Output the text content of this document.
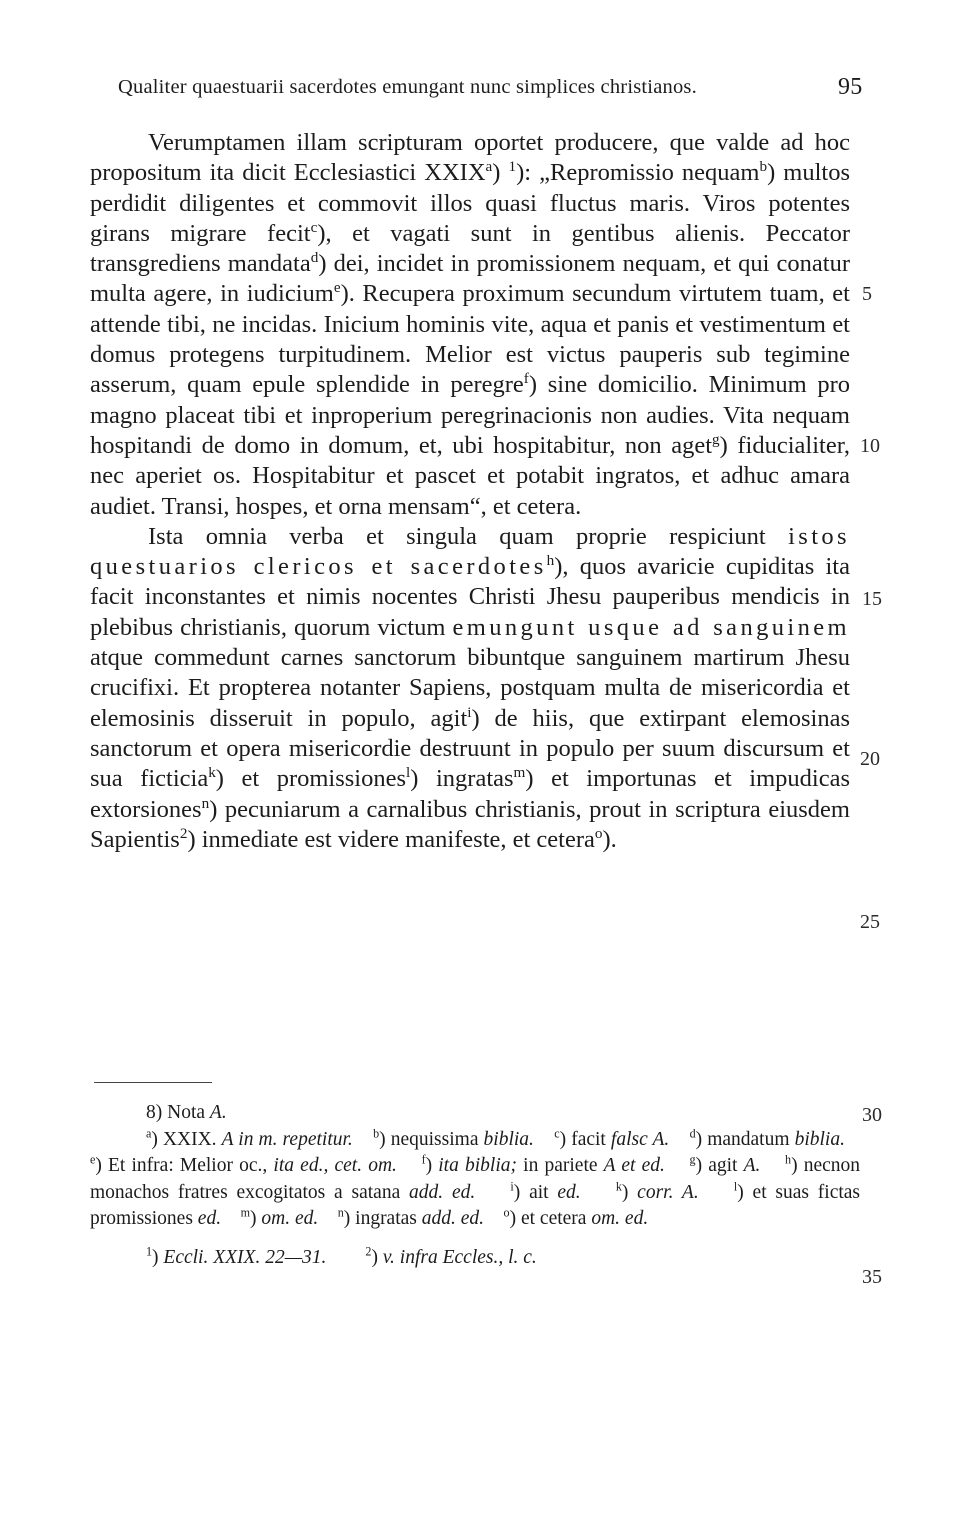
Qualiter quaestuarii sacerdotes emungant nunc simplices christianos.	95

Verumptamen illam scripturam oportet producere, que valde ad hoc propositum ita dicit Ecclesiastici XXIX$^a$) $^1$): „Repromissio nequam$^b$) multos perdidit diligentes et commovit illos quasi fluctus maris. Viros potentes girans migrare fecit$^c$), et vagati sunt in gentibus alienis. Peccator transgrediens mandata$^d$) dei, incidet in promissionem nequam, et qui conatur multa agere, in iudicium$^e$). Recupera proximum secundum virtutem tuam, et attende tibi, ne incidas. Inicium hominis vite, aqua et panis et vestimentum et domus protegens turpitudinem. Melior est victus pauperis sub tegimine asserum, quam epule splendide in peregre$^f$) sine domicilio. Minimum pro magno placeat tibi et inproperium peregrinacionis non audies. Vita nequam hospitandi de domo in domum, et, ubi hospitabitur, non aget$^g$) fiducialiter, nec aperiet os. Hospitabitur et pascet et potabit ingratos, et adhuc amara audiet. Transi, hospes, et orna mensam“, et cetera.

Ista omnia verba et singula quam proprie respiciunt istos questuarios clericos et sacerdotes$^h$), quos avaricie cupiditas ita facit inconstantes et nimis nocentes Christi Jhesu pauperibus mendicis in plebibus christianis, quorum victum emungunt usque ad sanguinem atque commedunt carnes sanctorum bibuntque sanguinem martirum Jhesu crucifixi. Et propterea notanter Sapiens, postquam multa de misericordia et elemosinis disseruit in populo, agit$^i$) de hiis, que extirpant elemosinas sanctorum et opera misericordie destruunt in populo per suum discursum et sua ficticia$^k$) et promissiones$^l$) ingratas$^m$) et importunas et impudicas extorsiones$^n$) pecuniarum a carnalibus christianis, prout in scriptura eiusdem Sapientis$^2$) inmediate est videre manifeste, et cetera$^o$).

5
10
15
20
25
30
35

8) Nota A.

$^a$) XXIX. A in m. repetitur. $^b$) nequissima biblia. $^c$) facit falsc A. $^d$) mandatum biblia.    $^e$) Et infra: Melior oc., ita ed., cet. om. $^f$) ita biblia; in pariete A et ed. $^g$) agit A. $^h$) necnon monachos fratres excogitatos a satana add. ed.	$^i$) ait ed.	$^k$) corr. A.	$^l$) et suas fictas promissiones ed. $^m$) om. ed. $^n$) ingratas add. ed. $^o$) et cetera om. ed.

$^1$) Eccli. XXIX. 22—31.	$^2$) v. infra Eccles., l. c.
